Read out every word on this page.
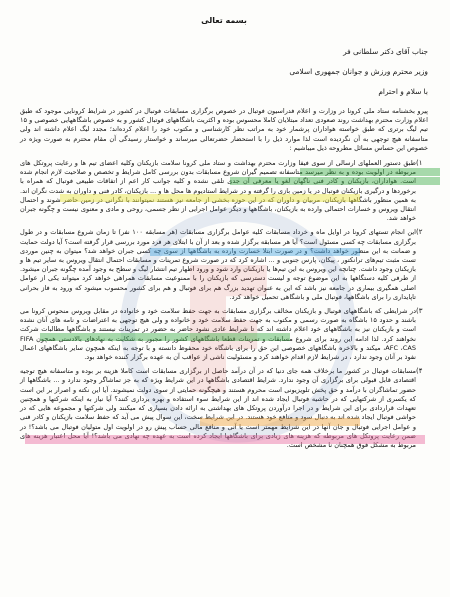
بسمه تعالی

جناب آقای دکتر سلطانی فر

وزیر محترم ورزش و جوانان جمهوری اسلامی

با سلام و احترام

پیرو بخشنامه ستاد ملی کرونا در وزارت و اعلام فدراسیون فوتبال در خصوص برگزاری مسابقات فوتبال در کشور در شرایط کرونایی موجود که طبق اعلام وزارت محترم بهداشت روند صعودی تعداد مبتلایان کاملا محسوس بوده و اکثریت باشگاههای فوتبال کشور و به خصوص باشگاههایی خصوصی و ۱۵ تیم لیگ برتری که طبق خواسته هواداران پرشمار خود به مراتب نظر کارشناسی و مکتوب خود را اعلام کرده‌اند؛ مجدد لیگ اعلام داشته اند ولی متاسفانه هیچ توجهی به آن نگردیده است لذا موارد ذیل را با استحضار حضرتعالی میرساند و خواستار رسیدگی آن مقام محترم به صورت ویژه در خصوص این حساس مسائل مطروحه ذیل میباشیم :

۱)

طبق دستور العملهای ارسالی از سوی فیفا وزارت محترم بهداشت و ستاد ملی کرونا سلامت بازیکنان وکلیه اعضای تیم ها و رعایت پروتکل های مربوطه در اولویت بوده و به نظر میرسد متاسفانه تصمیم گیران شروع مسابقات بدون بررسی کامل شرایط و تخصص و صلاحیت لازم انجام شده است. هواداران، بازیکنان و کادر فنی ناگهان لغو یا معرفی آن جدی تلقی نشده و کلیه جوانب کار اعم از اتفاقات طبیعی فوتبال که همراه با برخوردها و درگیری بازیکنان فوتبال در یا زمین بازی را گرفته و در شرایط استادیوم ها محل ها و ... بازیکنان، کادر فنی و داوران به شدت نگران اند. به همین منظور باشگاهها بازیکنان، مربیان و داوران که در این حوزه بخشی از جامعه نیز هستند نمیتوانند با نگرانی در زمین حاضر شوند و احتمال انتقال ویروس و خسارات احتمالی وارده به بازیکنان، باشگاهها و دیگر عوامل اجرایی از نظر جسمی، روحی و مادی و معنوی نیست و چگونه جبران خواهد شد.

۲)

این انجام تستهای کرونا در اوایل ماه و خرداد مسابقات کلیه عوامل برگزاری مسابقات (هر مسابقه ۱۰۰ نفر) تا زمان شروع مسابقات و در طول برگزاری مسابقات چه کسی مسئول است؟ آیا هر مسابقه برگزار شده و بعد از آن با ابتلای هر فرد مورد بررسی قرار گرفته است؟ آیا دولت حمایت و ضمانت به این منظور خواهد داشت؟ و در صورت ابتلا خسارت وارده به باشگاهها از سوی چه کسی جبران خواهد شد؟ میتوان به چنین موردی تست مثبت تیم‌های ترانکتور ، پیکان، پارس جنوبی و ... اشاره کرد که در صورت شروع تمرینات و مسابقات احتمال انتقال ویروس به سایر تیم ها و بازیکنان وجود داشت. چنانچه این ویروس به این تیم‌ها یا بازیکنان وارد شود و ورود اظهار تیم انتشار لیگ و سطح به وجود آمده چگونه جبران میشود. از طرفی کلیه دستگاهها به این موضوع توجه و لیست دسترسی که بازیکنان را با ممنوعیت مسابقات همراهی خواهد کرد میتواند یکی از عوامل اصلی همگیری بیماری در جامعه نیز باشد که این به عنوان تهدید بزرگ هم برای فوتبال و هم برای کشور محسوب میشود که ورود به فاز بحرانی تاپایداری را برای باشگاهها، فوتبال ملی و باشگاهی تحمیل خواهد کرد.

۳)

در شرایطی که باشگاههای فوتبال و بازیکنان مخالف برگزاری مسابقات به جهت حفظ سلامت خود و خانواده در مقابل ویروس منحوس کرونا می باشند و حدود ۱۵ باشگاه به صورت رسمی و مکتوب به جهت حفظ سلامت خود و خانواده و ولی هیچ توجهی به اعتراضات و نامه های آنان نشده است و بازیکنان نیز به باشگاههای خود اعلام داشته اند که تا شرایط عادی نشود حاضر به حضور در تمرینات نیستند و باشگاهها مطالبات شرکت نخواهند کرد. لذا ادامه این روند برای شروع مسابقات و تمرینات قطعا باشگاههای کشور را مجبور به شکایت به نهادهای بالادستی همچون FIFA ،AFC ،CAS میکند و بالاخره باشگاههای خصوصی این حق را برای باشگاه خود محفوظ دانسته و با توجه به اینکه همچون سایر باشگاههای اعمال نفوذ بر آنان وجود ندارد ، در شرایط لازم اقدام خواهند کرد و مسئولیت ناشی از عواقب آن به عهده برگزار کننده خواهد بود.

۴)

مسابقات فوتبال در کشور ما برخلاف همه جای دنیا که در آن درآمد حاصل از برگزاری مسابقات است کاملا هزینه بر بوده و متاسفانه هیچ توجیه اقتصادی قابل قبولی برای برگزاری آن وجود ندارد. شرایط اقتصادی باشگاهها در این شرایط ویژه که به جز تماشاگر وجود ندارد و ... باشگاهها از حضور تماشاگران با درآمد و حق پخش تلویزیونی است محروم هستند و هیچگونه حمایتی از سوی دولت نمیشوند. آیا این نکته و اصرار بر این است که یکسری از شرکتهایی که در حاشیه فوتبال ایجاد شده اند از این شرایط سوء استفاده و بهره برداری کنند؟ آیا نیاز به اینکه شرکتها و همچنین تعهدات قراردادی برای این شرایط و در اجرا درآوردن پروتکل های بهداشتی به ارائه دادن بسیاری که میکنند ولی شرکتها و مجموعه هایی که در حواشی فوتبال ایجاد شده اند به دنبال سود و منافع خود هستند. در این شرایط سخت، این سوال پیش می آید که حفظ سلامت بازیکنان و کادر فنی و عوامل اجرایی فوتبال و جان آنها در این شرایط مهمتر است یا آنی و منافع مالی حساب پیش رو در اولویت اول متولیان فوتبال می باشد؟! در ضمن رعایت پروتکل های مربوطه که هزینه های زیادی برای باشگاهها ایجاد کرده است به عهده چه نهادی می باشد؟! آیا محل اعتبار هزینه های مربوط به مشکل فوق همچنان نا مشخص است.
